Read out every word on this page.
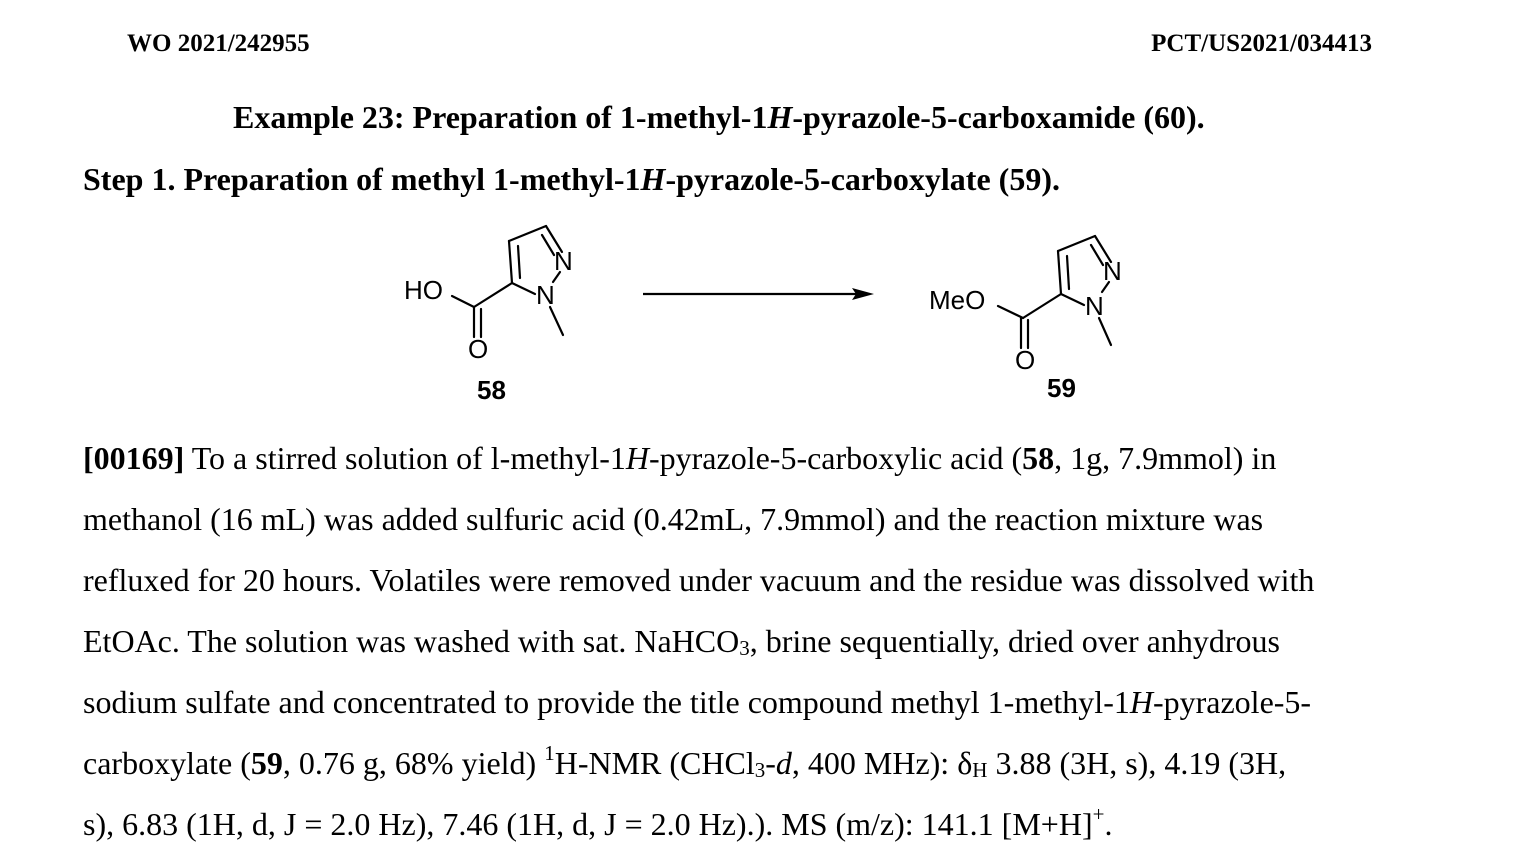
WO 2021/242955	PCT/US2021/034413
Example 23: Preparation of 1-methyl-1H-pyrazole-5-carboxamide (60).
Step 1. Preparation of methyl 1-methyl-1H-pyrazole-5-carboxylate (59).
HO
N
N
O
58
MeO
N
N
O
59
[00169] To a stirred solution of l-methyl-1H-pyrazole-5-carboxylic acid (58, 1g, 7.9mmol) in
methanol (16 mL) was added sulfuric acid (0.42mL, 7.9mmol) and the reaction mixture was
refluxed for 20 hours. Volatiles were removed under vacuum and the residue was dissolved with
EtOAc. The solution was washed with sat. NaHCO3, brine sequentially, dried over anhydrous
sodium sulfate and concentrated to provide the title compound methyl 1-methyl-1H-pyrazole-5-
carboxylate (59, 0.76 g, 68% yield) $^1$H-NMR (CHCl3-d, 400 MHz): δH 3.88 (3H, s), 4.19 (3H,
s), 6.83 (1H, d, J = 2.0 Hz), 7.46 (1H, d, J = 2.0 Hz).). MS (m/z): 141.1 [M+H]+.
